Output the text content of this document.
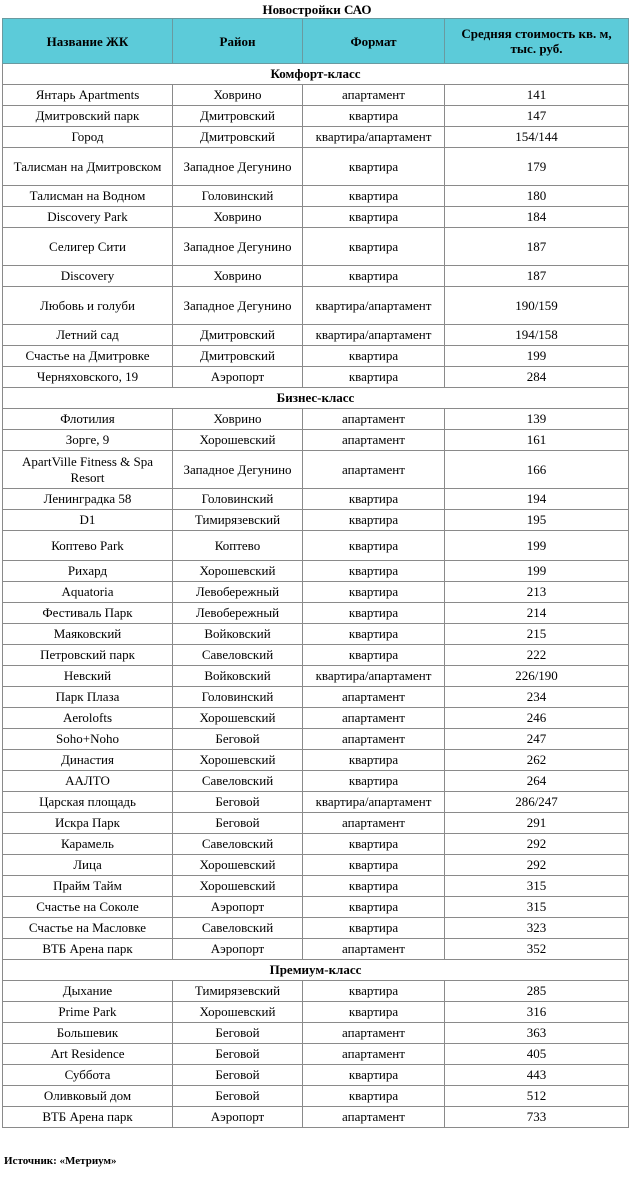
Новостройки САО
Название ЖК	Район	Формат	Средняя стоимость кв. м, тыс. руб.
Комфорт-класс			
Янтарь Apartments	Ховрино	апартамент	141
Дмитровский парк	Дмитровский	квартира	147
Город	Дмитровский	квартира/апартамент	154/144
Талисман на Дмитровском	Западное Дегунино	квартира	179
Талисман на Водном	Головинский	квартира	180
Discovery Park	Ховрино	квартира	184
Селигер Сити	Западное Дегунино	квартира	187
Discovery	Ховрино	квартира	187
Любовь и голуби	Западное Дегунино	квартира/апартамент	190/159
Летний сад	Дмитровский	квартира/апартамент	194/158
Счастье на Дмитровке	Дмитровский	квартира	199
Черняховского, 19	Аэропорт	квартира	284
Бизнес-класс			
Флотилия	Ховрино	апартамент	139
Зорге, 9	Хорошевский	апартамент	161
ApartVille Fitness & Spa Resort	Западное Дегунино	апартамент	166
Ленинградка 58	Головинский	квартира	194
D1	Тимирязевский	квартира	195
Коптево Park	Коптево	квартира	199
Рихард	Хорошевский	квартира	199
Aquatoria	Левобережный	квартира	213
Фестиваль Парк	Левобережный	квартира	214
Маяковский	Войковский	квартира	215
Петровский парк	Савеловский	квартира	222
Невский	Войковский	квартира/апартамент	226/190
Парк Плаза	Головинский	апартамент	234
Aerolofts	Хорошевский	апартамент	246
Soho+Noho	Беговой	апартамент	247
Династия	Хорошевский	квартира	262
ААЛТО	Савеловский	квартира	264
Царская площадь	Беговой	квартира/апартамент	286/247
Искра Парк	Беговой	апартамент	291
Карамель	Савеловский	квартира	292
Лица	Хорошевский	квартира	292
Прайм Тайм	Хорошевский	квартира	315
Счастье на Соколе	Аэропорт	квартира	315
Счастье на Масловке	Савеловский	квартира	323
ВТБ Арена парк	Аэропорт	апартамент	352
Премиум-класс			
Дыхание	Тимирязевский	квартира	285
Prime Park	Хорошевский	квартира	316
Большевик	Беговой	апартамент	363
Art Residence	Беговой	апартамент	405
Суббота	Беговой	квартира	443
Оливковый дом	Беговой	квартира	512
ВТБ Арена парк	Аэропорт	апартамент	733
Источник: «Метриум»
